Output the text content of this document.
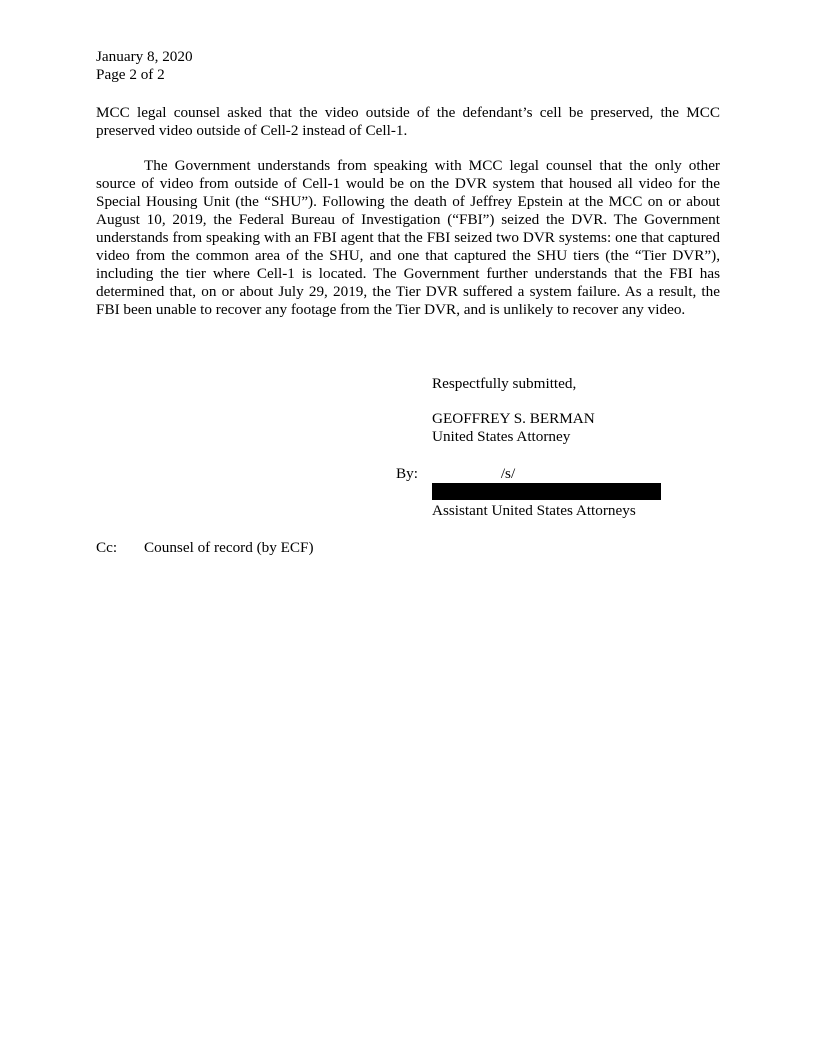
January 8, 2020
Page 2 of 2

MCC legal counsel asked that the video outside of the defendant’s cell be preserved, the MCC preserved video outside of Cell-2 instead of Cell-1.

The Government understands from speaking with MCC legal counsel that the only other source of video from outside of Cell-1 would be on the DVR system that housed all video for the Special Housing Unit (the “SHU”). Following the death of Jeffrey Epstein at the MCC on or about August 10, 2019, the Federal Bureau of Investigation (“FBI”) seized the DVR. The Government understands from speaking with an FBI agent that the FBI seized two DVR systems: one that captured video from the common area of the SHU, and one that captured the SHU tiers (the “Tier DVR”), including the tier where Cell-1 is located. The Government further understands that the FBI has determined that, on or about July 29, 2019, the Tier DVR suffered a system failure. As a result, the FBI been unable to recover any footage from the Tier DVR, and is unlikely to recover any video.

Respectfully submitted,
GEOFFREY S. BERMAN
United States Attorney
By:	/s/
Assistant United States Attorneys
Cc: Counsel of record (by ECF)
